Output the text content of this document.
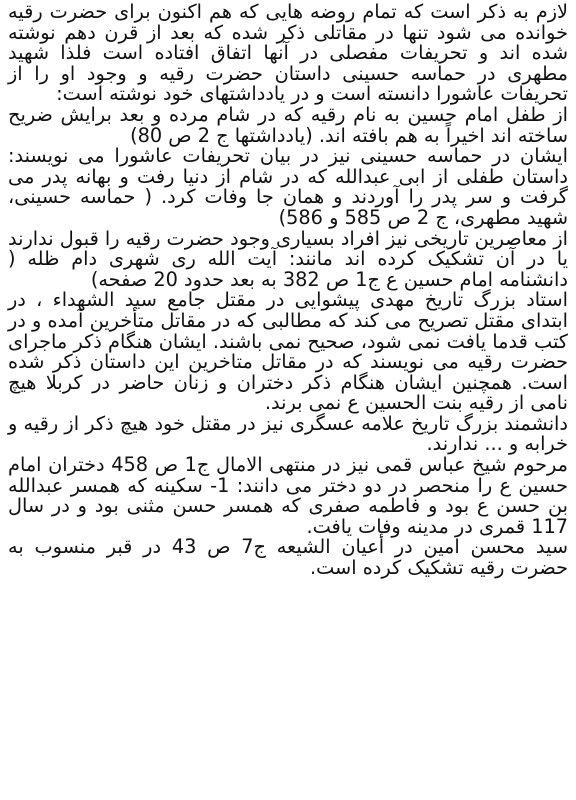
لازم به ذکر است که تمام روضه هایی که هم اکنون برای حضرت رقیه خوانده می شود تنها در مقاتلی ذکر شده که بعد از قرن دهم نوشته شده اند و تحریفات مفصلی در آنها اتفاق افتاده است فلذا شهید مطهری در حماسه حسینی داستان حضرت رقیه و وجود او را از تحریفات عاشورا دانسته است و در یادداشتهای خود نوشته است:

از طفل امام حسین به نام رقیه که در شام مرده و بعد برایش ضریح ساخته اند اخیراً به هم بافته اند. (یادداشتها ج 2 ص 80)

ایشان در حماسه حسینی نیز در بیان تحریفات عاشورا می نویسند: داستان طفلی از ابی عبدالله که در شام از دنیا رفت و بهانه پدر می گرفت و سر پدر را آوردند و همان جا وفات کرد. ( حماسه حسینی، شهید مطهری، ج 2 ص 585 و 586)

از معاصرین تاریخی نیز افراد بسیاری وجود حضرت رقیه را قبول ندارند یا در آن تشکیک کرده اند مانند: آیت الله ری شهری دام ظله ( دانشنامه امام حسین ع ج1 ص 382 به بعد حدود 20 صفحه)

استاد بزرگ تاریخ مهدی پیشوایی در مقتل جامع سید الشهداء ، در ابتدای مقتل تصریح می کند که مطالبی که در مقاتل متأخرین آمده و در کتب قدما یافت نمی شود، صحیح نمی باشند. ایشان هنگام ذکر ماجرای حضرت رقیه می نویسند که در مقاتل متاخرین این داستان ذکر شده است. همچنین ایشان هنگام ذکر دختران و زنان حاضر در کربلا هیچ نامی از رقیه بنت الحسین ع نمی برند.

دانشمند بزرگ تاریخ علامه عسگری نیز در مقتل خود هیچ ذکر از رقیه و خرابه و ... ندارند.

مرحوم شیخ عباس قمی نیز در منتهی الامال ج1 ص 458 دختران امام حسین ع را منحصر در دو دختر می دانند: 1- سکینه که همسر عبدالله بن حسن ع بود و فاطمه صفری که همسر حسن مثنی بود و در سال 117 قمری در مدینه وفات یافت.

سید محسن امین در أعیان الشیعه ج7 ص 43 در قبر منسوب به حضرت رقیه تشکیک کرده است.
